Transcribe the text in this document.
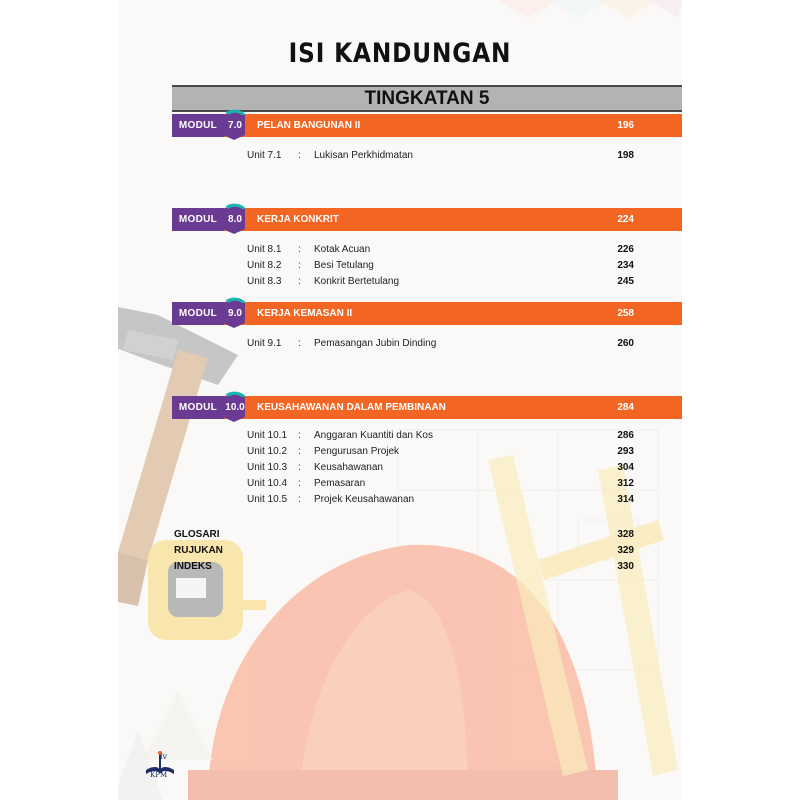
ISI KANDUNGAN
TINGKATAN 5
MODUL	7.0	PELAN BANGUNAN II	196
Unit 7.1 : Lukisan Perkhidmatan	198
MODUL	8.0	KERJA KONKRIT	224
Unit 8.1 : Kotak Acuan	226
Unit 8.2 : Besi Tetulang	234
Unit 8.3 : Konkrit Bertetulang	245
MODUL	9.0	KERJA KEMASAN II	258
Unit 9.1 : Pemasangan Jubin Dinding	260
MODUL 10.0	KEUSAHAWANAN DALAM PEMBINAAN	284
Unit 10.1 : Anggaran Kuantiti dan Kos	286
Unit 10.2 : Pengurusan Projek	293
Unit 10.3 : Keusahawanan	304
Unit 10.4 : Pemasaran	312
Unit 10.5 : Projek Keusahawanan	314
GLOSARI	328
RUJUKAN	329
INDEKS	330
iv
KPM
